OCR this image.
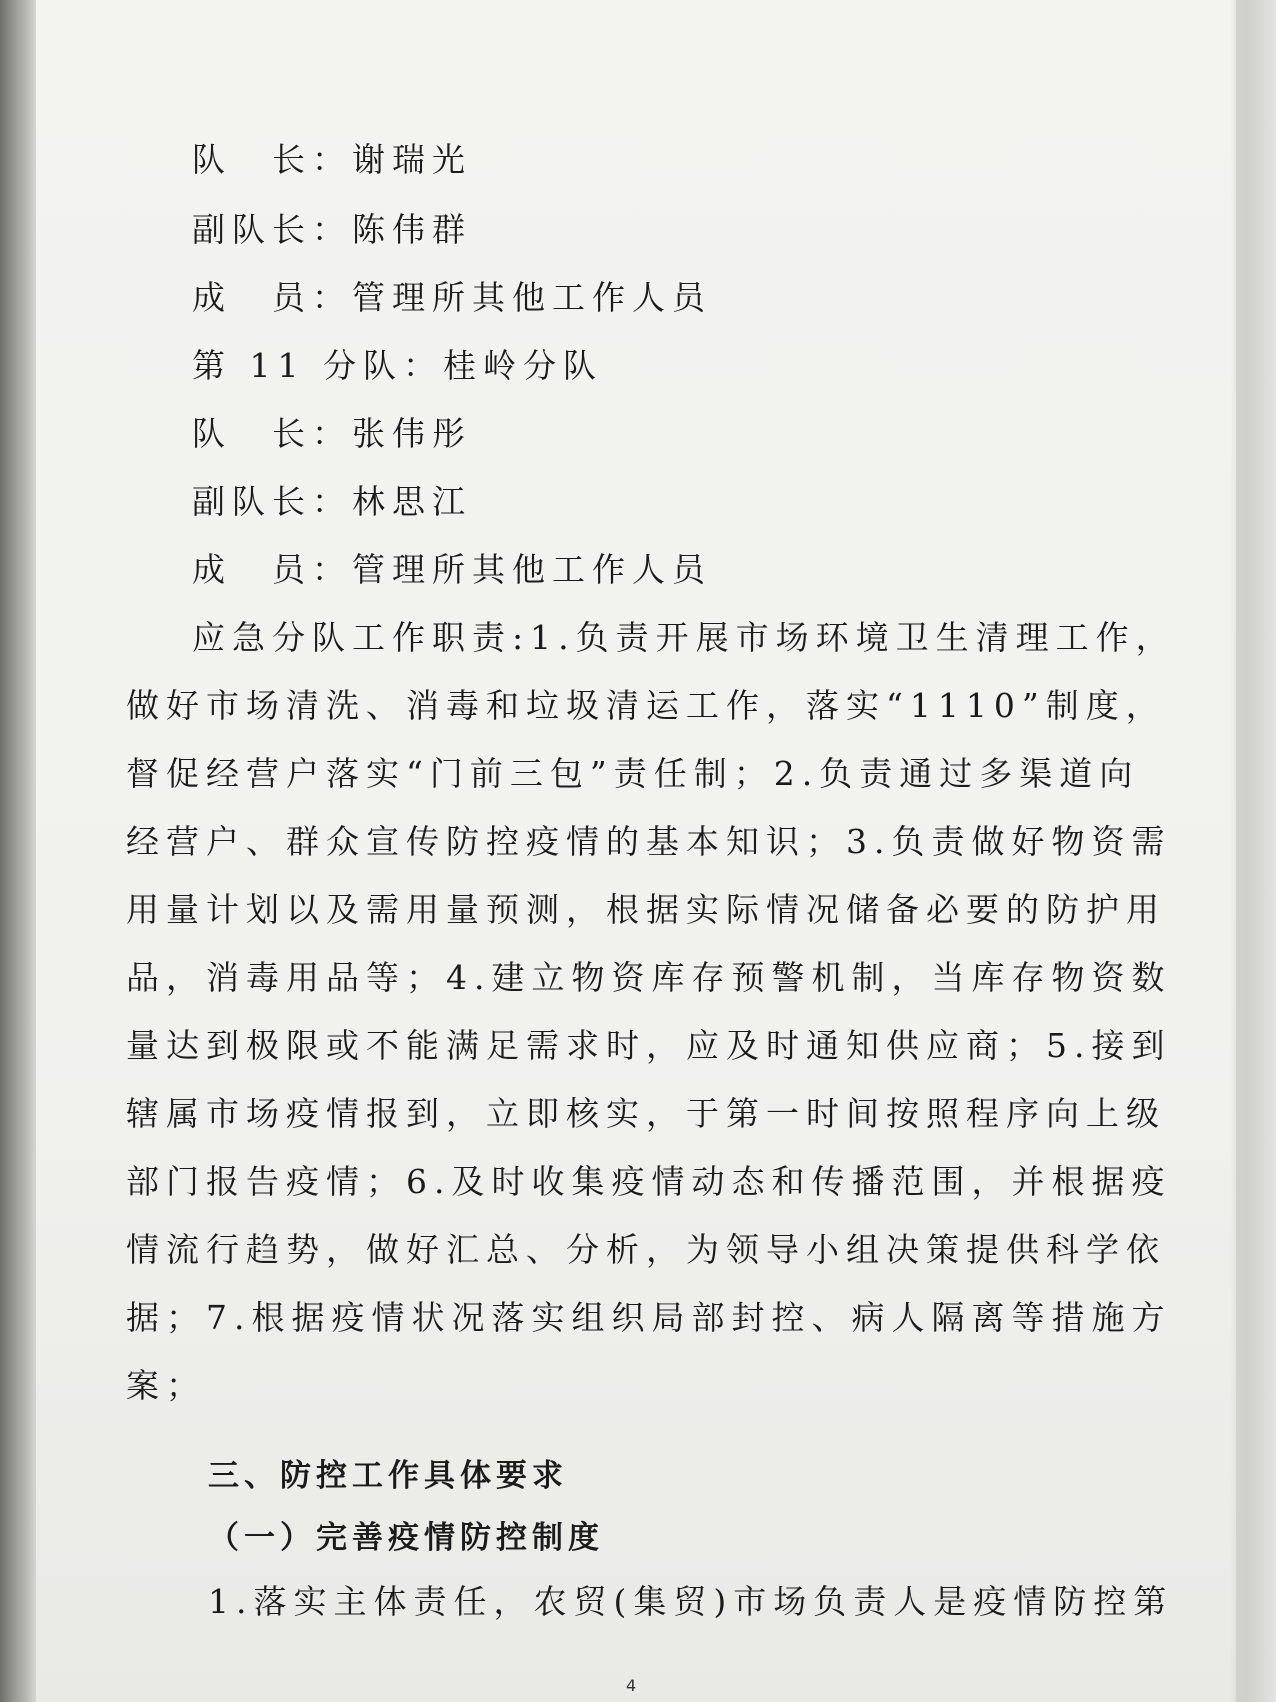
队　长：谢瑞光

副队长：陈伟群

成　员：管理所其他工作人员

第 11 分队：桂岭分队

队　长：张伟彤

副队长：林思江

成　员：管理所其他工作人员

应急分队工作职责:1.负责开展市场环境卫生清理工作，

做好市场清洗、消毒和垃圾清运工作，落实“1110”制度，

督促经营户落实“门前三包”责任制；2.负责通过多渠道向

经营户、群众宣传防控疫情的基本知识；3.负责做好物资需

用量计划以及需用量预测，根据实际情况储备必要的防护用

品，消毒用品等；4.建立物资库存预警机制，当库存物资数

量达到极限或不能满足需求时，应及时通知供应商；5.接到

辖属市场疫情报到，立即核实，于第一时间按照程序向上级

部门报告疫情；6.及时收集疫情动态和传播范围，并根据疫

情流行趋势，做好汇总、分析，为领导小组决策提供科学依

据；7.根据疫情状况落实组织局部封控、病人隔离等措施方

案；

三、防控工作具体要求

（一）完善疫情防控制度

1.落实主体责任，农贸(集贸)市场负责人是疫情防控第

4
